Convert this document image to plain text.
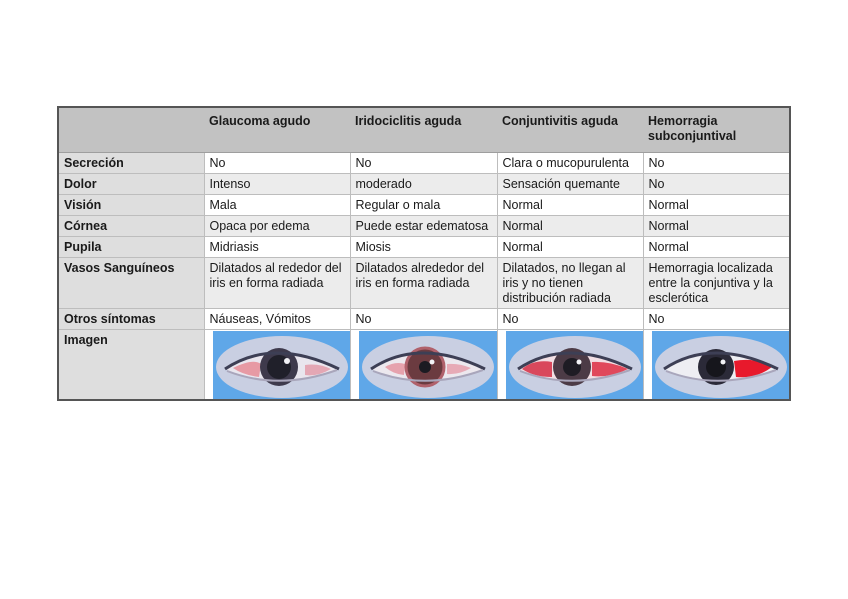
	Glaucoma agudo	Iridociclitis aguda	Conjuntivitis aguda	Hemorragia subconjuntival
Secreción	No	No	Clara o mucopurulenta	No
Dolor	Intenso	moderado	Sensación quemante	No
Visión	Mala	Regular o mala	Normal	Normal
Córnea	Opaca por edema	Puede estar edematosa	Normal	Normal
Pupila	Midriasis	Miosis	Normal	Normal
Vasos Sanguíneos	Dilatados al rededor del iris en forma radiada	Dilatados alrededor del iris en forma radiada	Dilatados, no llegan al iris y no tienen distribución radiada	Hemorragia localizada entre la conjuntiva y la esclerótica
Otros síntomas	Náuseas, Vómitos	No	No	No
Imagen	
